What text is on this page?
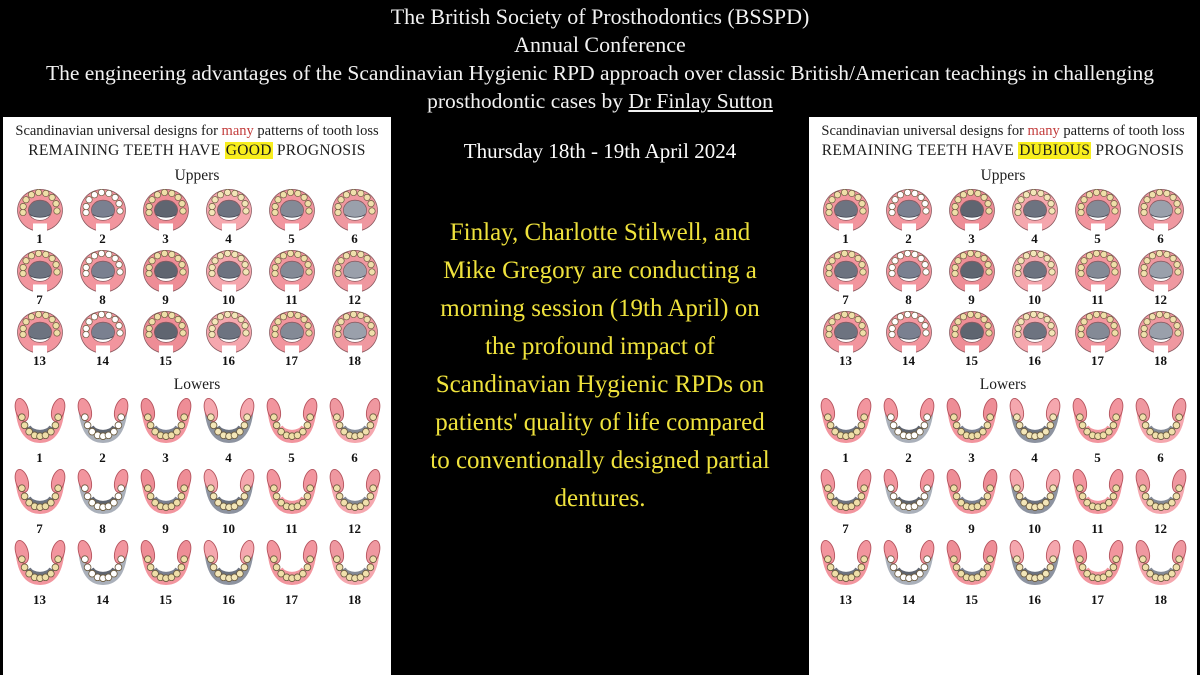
The British Society of Prosthodontics (BSSPD)
Annual Conference
The engineering advantages of the Scandinavian Hygienic RPD approach over classic British/American teachings in challenging prosthodontic cases by Dr Finlay Sutton
Scandinavian universal designs for many patterns of tooth loss
REMAINING TEETH HAVE GOOD PROGNOSIS
Uppers
1	2	3	4	5	6
7	8	9	10	11	12
13	14	15	16	17	18
Lowers
1	2	3	4	5	6
7	8	9	10	11	12
13	14	15	16	17	18
Thursday 18th - 19th April 2024
Finlay, Charlotte Stilwell, and Mike Gregory are conducting a morning session (19th April) on the profound impact of Scandinavian Hygienic RPDs on patients' quality of life compared to conventionally designed partial dentures.
Scandinavian universal designs for many patterns of tooth loss
REMAINING TEETH HAVE DUBIOUS PROGNOSIS
Uppers
1	2	3	4	5	6
7	8	9	10	11	12
13	14	15	16	17	18
Lowers
1	2	3	4	5	6
7	8	9	10	11	12
13	14	15	16	17	18
